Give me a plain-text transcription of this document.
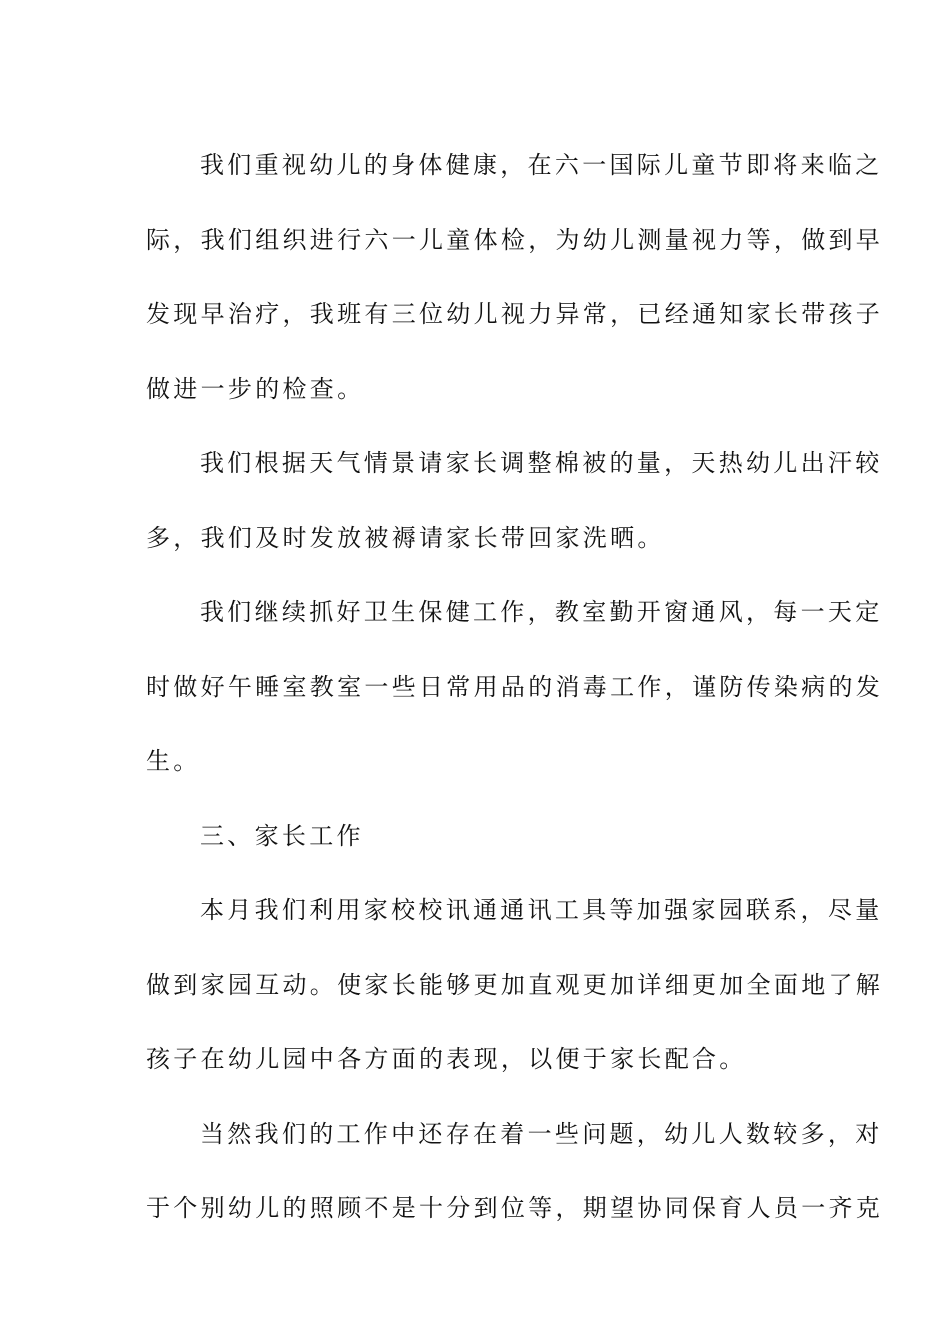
我们重视幼儿的身体健康，在六一国际儿童节即将来临之
际，我们组织进行六一儿童体检，为幼儿测量视力等，做到早
发现早治疗，我班有三位幼儿视力异常，已经通知家长带孩子
做进一步的检查。

我们根据天气情景请家长调整棉被的量，天热幼儿出汗较
多，我们及时发放被褥请家长带回家洗晒。

我们继续抓好卫生保健工作，教室勤开窗通风，每一天定
时做好午睡室教室一些日常用品的消毒工作，谨防传染病的发
生。

三、家长工作

本月我们利用家校校讯通通讯工具等加强家园联系，尽量
做到家园互动。使家长能够更加直观更加详细更加全面地了解
孩子在幼儿园中各方面的表现，以便于家长配合。

当然我们的工作中还存在着一些问题，幼儿人数较多，对
于个别幼儿的照顾不是十分到位等，期望协同保育人员一齐克
